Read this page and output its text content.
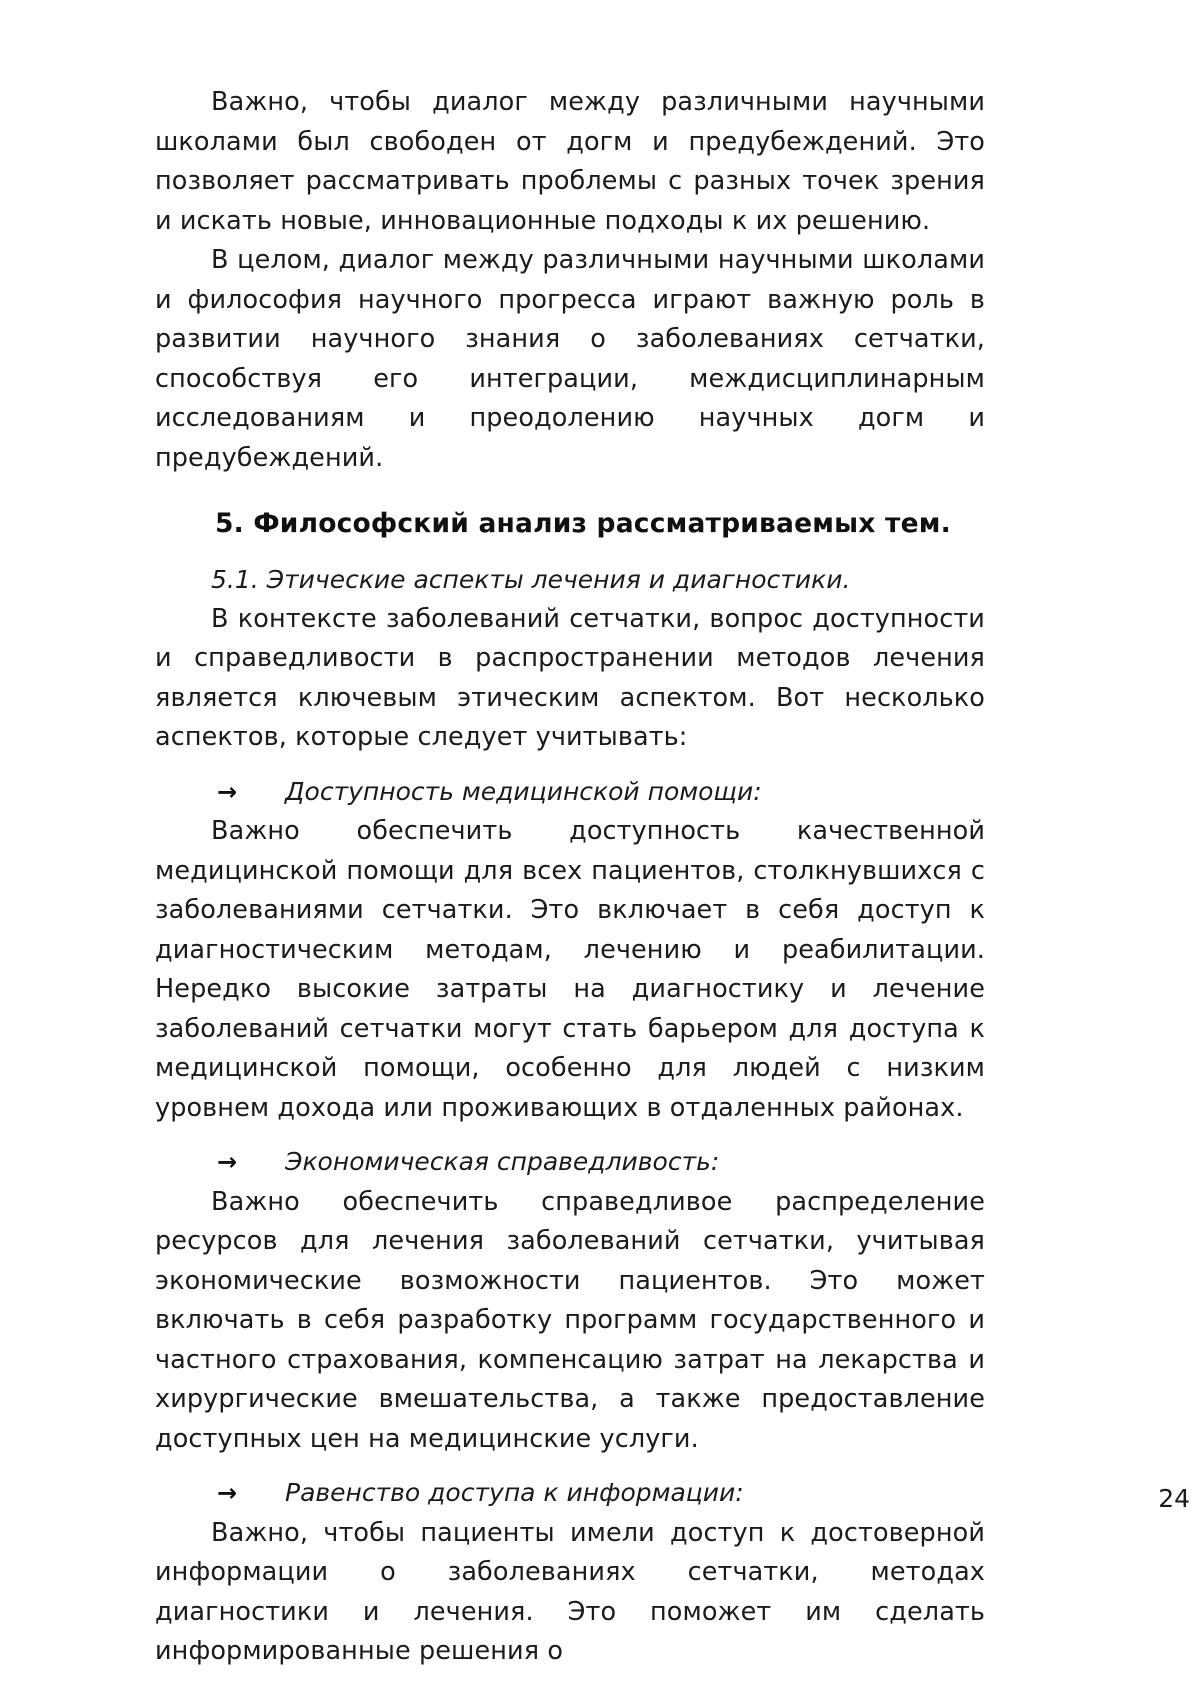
Важно, чтобы диалог между различными научными школами был свободен от догм и предубеждений. Это позволяет рассматривать проблемы с разных точек зрения и искать новые, инновационные подходы к их решению.

В целом, диалог между различными научными школами и философия научного прогресса играют важную роль в развитии научного знания о заболеваниях сетчатки, способствуя его интеграции, междисциплинарным исследованиям и преодолению научных догм и предубеждений.

5. Философский анализ рассматриваемых тем.
5.1. Этические аспекты лечения и диагностики.

В контексте заболеваний сетчатки, вопрос доступности и справедливости в распространении методов лечения является ключевым этическим аспектом. Вот несколько аспектов, которые следует учитывать:

→ Доступность медицинской помощи:

Важно обеспечить доступность качественной медицинской помощи для всех пациентов, столкнувшихся с заболеваниями сетчатки. Это включает в себя доступ к диагностическим методам, лечению и реабилитации. Нередко высокие затраты на диагностику и лечение заболеваний сетчатки могут стать барьером для доступа к медицинской помощи, особенно для людей с низким уровнем дохода или проживающих в отдаленных районах.

→ Экономическая справедливость:

Важно обеспечить справедливое распределение ресурсов для лечения заболеваний сетчатки, учитывая экономические возможности пациентов. Это может включать в себя разработку программ государственного и частного страхования, компенсацию затрат на лекарства и хирургические вмешательства, а также предоставление доступных цен на медицинские услуги.

→ Равенство доступа к информации:

Важно, чтобы пациенты имели доступ к достоверной информации о заболеваниях сетчатки, методах диагностики и лечения. Это поможет им сделать информированные решения о

24
